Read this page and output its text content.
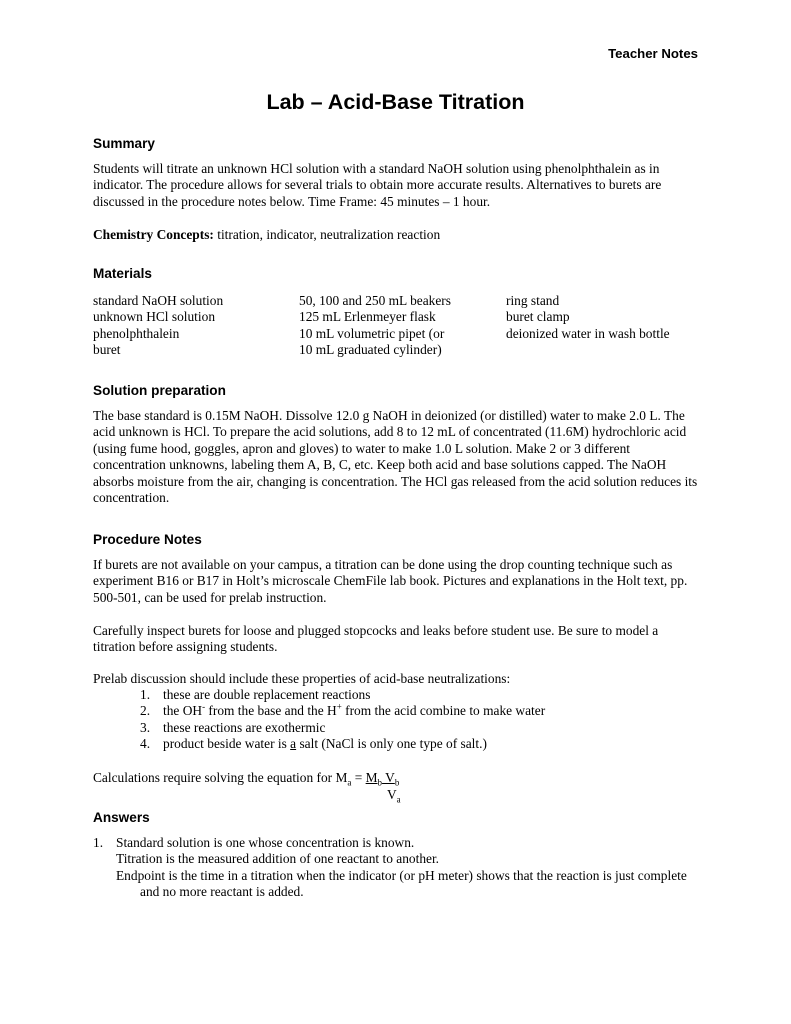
Teacher Notes
Lab – Acid-Base Titration
Summary

Students will titrate an unknown HCl solution with a standard NaOH solution using phenolphthalein as in indicator. The procedure allows for several trials to obtain more accurate results. Alternatives to burets are discussed in the procedure notes below. Time Frame: 45 minutes – 1 hour.

Chemistry Concepts: titration, indicator, neutralization reaction

Materials
standard NaOH solution
unknown HCl solution
phenolphthalein
buret
50, 100 and 250 mL beakers
125 mL Erlenmeyer flask
10 mL volumetric pipet (or
10 mL graduated cylinder)
ring stand
buret clamp
deionized water in wash bottle
Solution preparation

The base standard is 0.15M NaOH. Dissolve 12.0 g NaOH in deionized (or distilled) water to make 2.0 L. The acid unknown is HCl. To prepare the acid solutions, add 8 to 12 mL of concentrated (11.6M) hydrochloric acid (using fume hood, goggles, apron and gloves) to water to make 1.0 L solution. Make 2 or 3 different concentration unknowns, labeling them A, B, C, etc. Keep both acid and base solutions capped. The NaOH absorbs moisture from the air, changing is concentration. The HCl gas released from the acid solution reduces its concentration.

Procedure Notes

If burets are not available on your campus, a titration can be done using the drop counting technique such as experiment B16 or B17 in Holt’s microscale ChemFile lab book. Pictures and explanations in the Holt text, pp. 500-501, can be used for prelab instruction.

Carefully inspect burets for loose and plugged stopcocks and leaks before student use. Be sure to model a titration before assigning students.

Prelab discussion should include these properties of acid-base neutralizations:

1. these are double replacement reactions
2. the OH- from the base and the H+ from the acid combine to make water
3. these reactions are exothermic
4. product beside water is a salt (NaCl is only one type of salt.)
Calculations require solving the equation for $M_a = M_b$ $V_b$
$V_a$
Answers
1. Standard solution is one whose concentration is known.
Titration is the measured addition of one reactant to another.
Endpoint is the time in a titration when the indicator (or pH meter) shows that the reaction is just complete and no more reactant is added.
